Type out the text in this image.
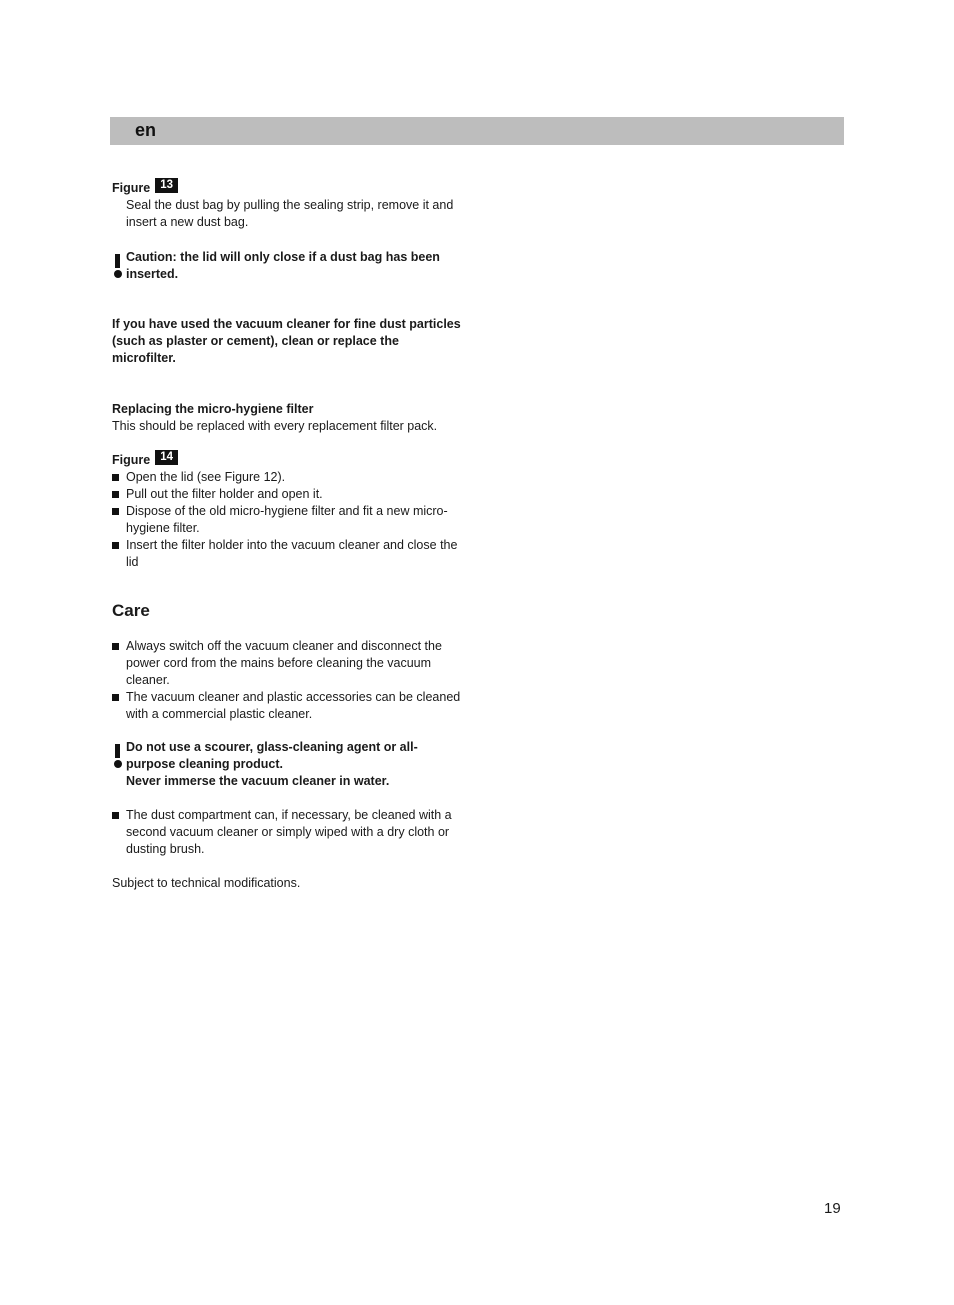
en
Figure 13
Seal the dust bag by pulling the sealing strip, remove it and insert a new dust bag.
Caution: the lid will only close if a dust bag has been inserted.
If you have used the vacuum cleaner for fine dust particles (such as plaster or cement), clean or replace the microfilter.
Replacing the micro-hygiene filter
This should be replaced with every replacement filter pack.
Figure 14
Open the lid (see Figure 12).
Pull out the filter holder and open it.
Dispose of the old micro-hygiene filter and fit a new micro-hygiene filter.
Insert the filter holder into the vacuum cleaner and close the lid
Care
Always switch off the vacuum cleaner and disconnect the power cord from the mains before cleaning the vacuum cleaner.
The vacuum cleaner and plastic accessories can be cleaned with a commercial plastic cleaner.
Do not use a scourer, glass-cleaning agent or all-purpose cleaning product.
Never immerse the vacuum cleaner in water.
The dust compartment can, if necessary, be cleaned with a second vacuum cleaner or simply wiped with a dry cloth or dusting brush.
Subject to technical modifications.
19
